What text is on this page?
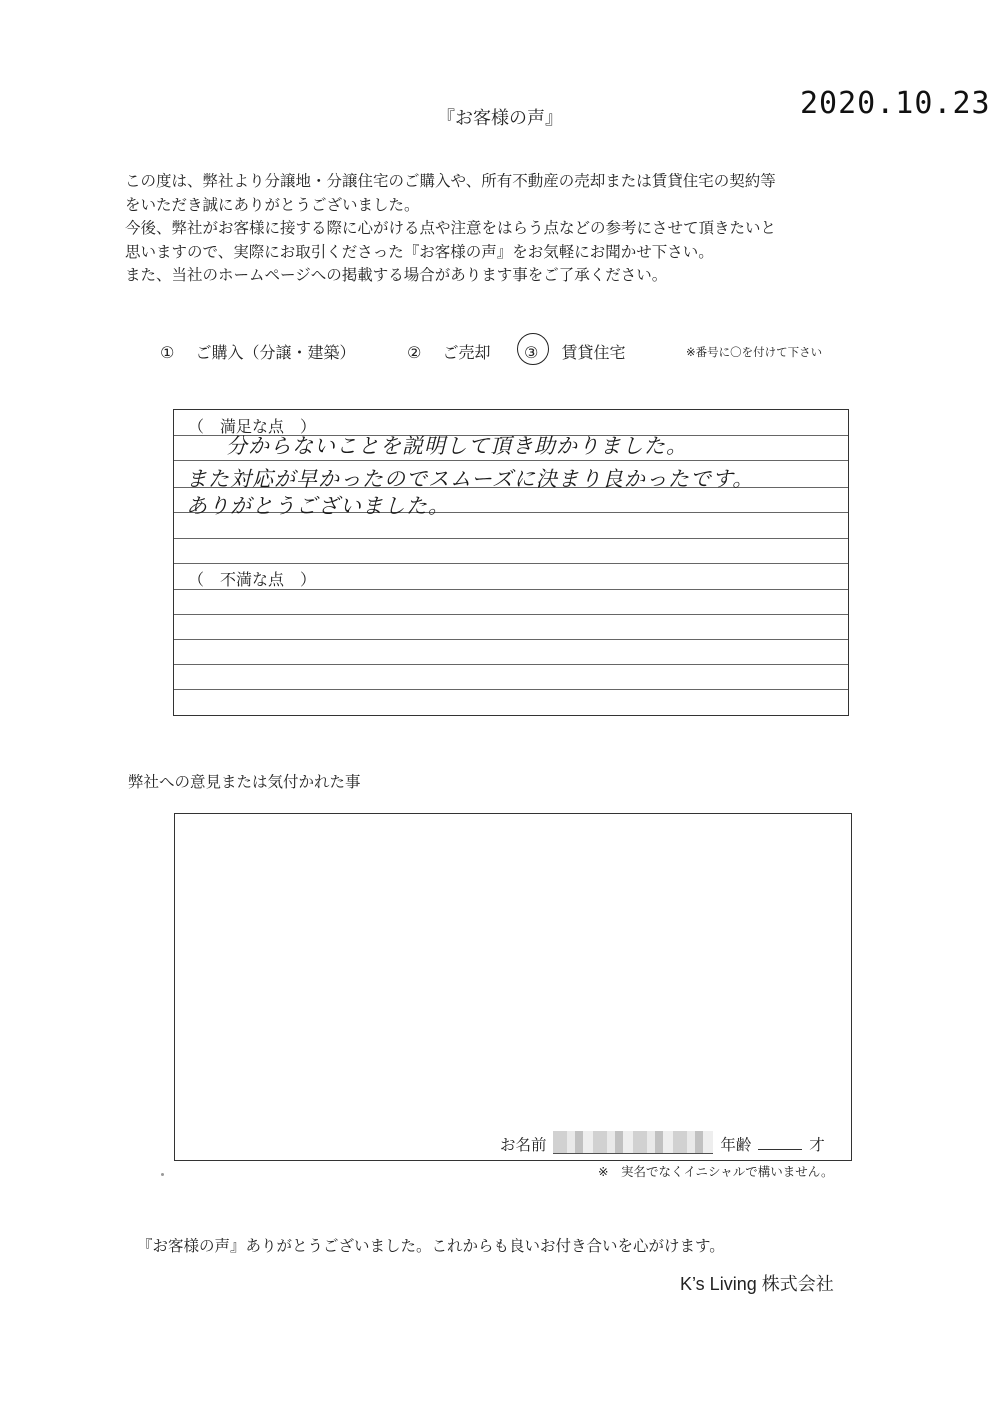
2020.10.23
『お客様の声』
この度は、弊社より分譲地・分譲住宅のご購入や、所有不動産の売却または賃貸住宅の契約等
をいただき誠にありがとうございました。
今後、弊社がお客様に接する際に心がける点や注意をはらう点などの参考にさせて頂きたいと
思いますので、実際にお取引くださった『お客様の声』をお気軽にお聞かせ下さい。
また、当社のホームページへの掲載する場合があります事をご了承ください。
① ご購入（分譲・建築）	② ご売却 ③ 賃貸住宅	※番号に〇を付けて下さい
（　満足な点　）
分からないことを説明して頂き助かりました。
また対応が早かったのでスムーズに決まり良かったです。
ありがとうございました。
（　不満な点　）
弊社への意見または気付かれた事
お名前	年齢	才
※　実名でなくイニシャルで構いません。
『お客様の声』ありがとうございました。これからも良いお付き合いを心がけます。
K’s Living 株式会社
